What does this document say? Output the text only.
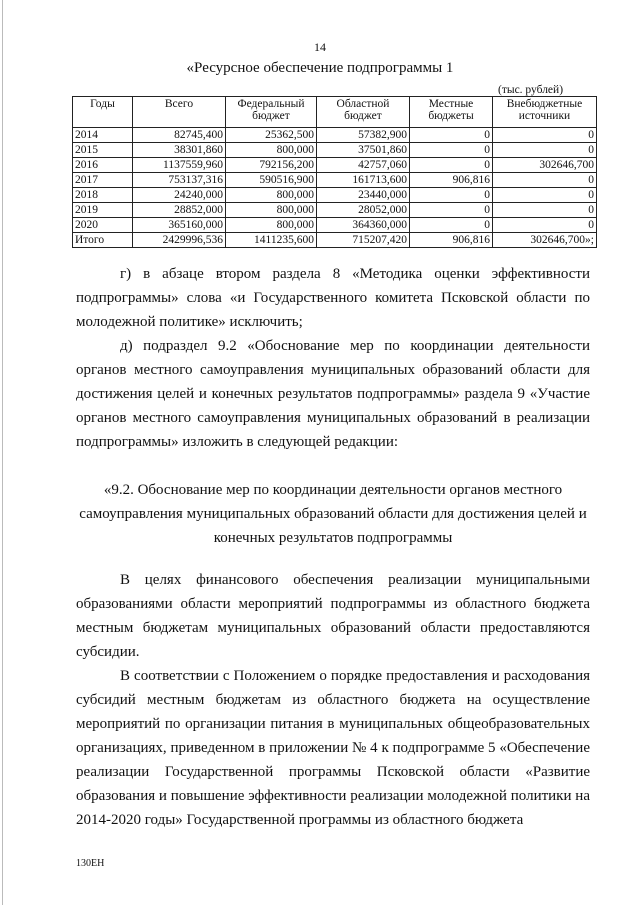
14
«Ресурсное обеспечение подпрограммы 1
(тыс. рублей)
Годы	Всего	Федеральный бюджет	Областной бюджет	Местные бюджеты	Внебюджетные источники
2014	82745,400	25362,500	57382,900	0	0
2015	38301,860	800,000	37501,860	0	0
2016	1137559,960	792156,200	42757,060	0	302646,700
2017	753137,316	590516,900	161713,600	906,816	0
2018	24240,000	800,000	23440,000	0	0
2019	28852,000	800,000	28052,000	0	0
2020	365160,000	800,000	364360,000	0	0
Итого	2429996,536	1411235,600	715207,420	906,816	302646,700»;
г) в абзаце втором раздела 8 «Методика оценки эффективности подпрограммы» слова «и Государственного комитета Псковской области по молодежной политике» исключить;
д) подраздел 9.2 «Обоснование мер по координации деятельности органов местного самоуправления муниципальных образований области для достижения целей и конечных результатов подпрограммы» раздела 9 «Участие органов местного самоуправления муниципальных образований в реализации подпрограммы» изложить в следующей редакции:
«9.2. Обоснование мер по координации деятельности органов местного самоуправления муниципальных образований области для достижения целей и конечных результатов подпрограммы
В целях финансового обеспечения реализации муниципальными образованиями области мероприятий подпрограммы из областного бюджета местным бюджетам муниципальных образований области предоставляются субсидии.
В соответствии с Положением о порядке предоставления и расходования субсидий местным бюджетам из областного бюджета на осуществление мероприятий по организации питания в муниципальных общеобразовательных организациях, приведенном в приложении № 4 к подпрограмме 5 «Обеспечение реализации Государственной программы Псковской области «Развитие образования и повышение эффективности реализации молодежной политики на 2014-2020 годы» Государственной программы из областного бюджета
130ЕН
